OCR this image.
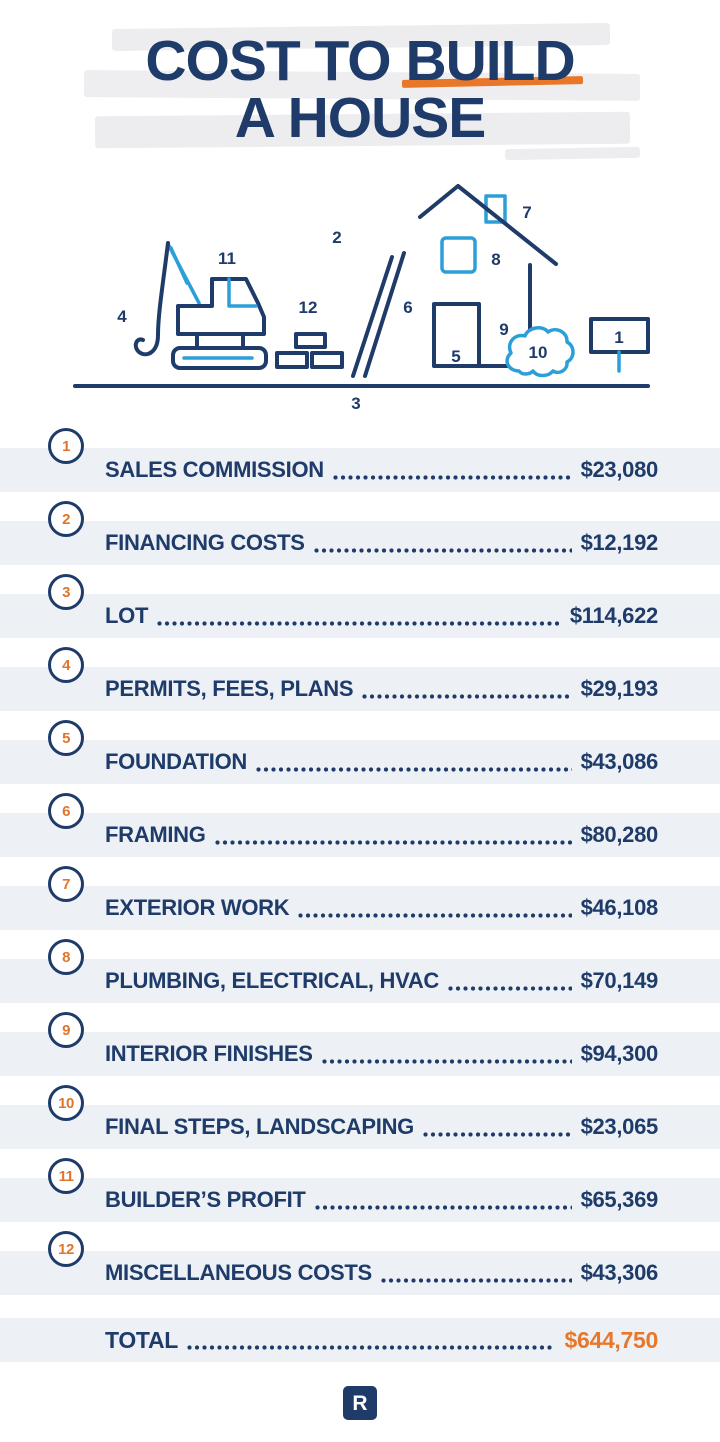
COST TO BUILD
A HOUSE
1
2
3
4
5
6
7
8
9
10
11
12
1
SALES COMMISSION	$23,080
2
FINANCING COSTS	$12,192
3
LOT	$114,622
4
PERMITS, FEES, PLANS	$29,193
5
FOUNDATION	$43,086
6
FRAMING	$80,280
7
EXTERIOR WORK	$46,108
8
PLUMBING, ELECTRICAL, HVAC	$70,149
9
INTERIOR FINISHES	$94,300
10
FINAL STEPS, LANDSCAPING	$23,065
11
BUILDER’S PROFIT	$65,369
12
MISCELLANEOUS COSTS	$43,306
TOTAL	$644,750
R
